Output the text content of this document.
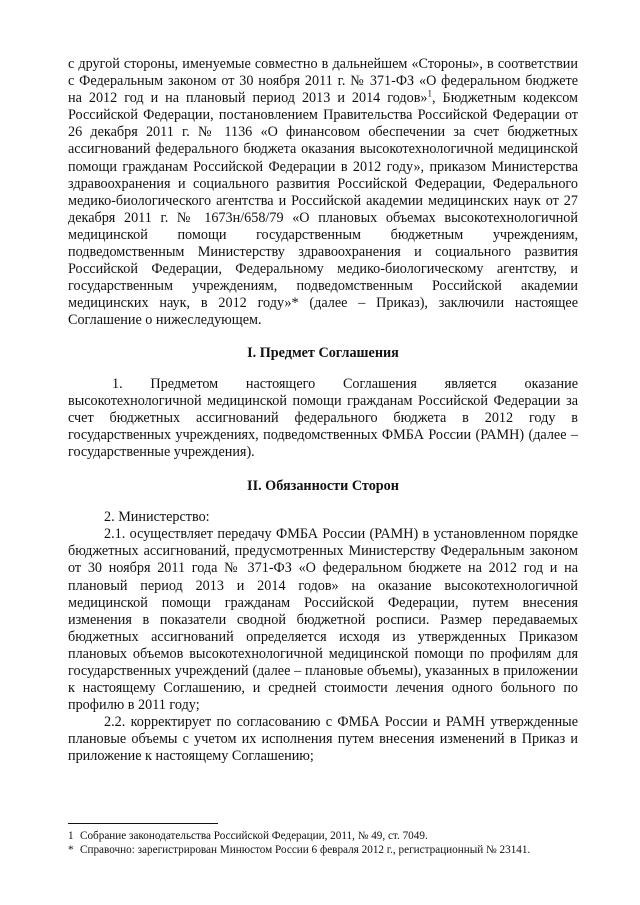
с другой стороны, именуемые совместно в дальнейшем «Стороны», в соответствии с Федеральным законом от 30 ноября 2011 г. № 371-ФЗ «О федеральном бюджете на 2012 год и на плановый период 2013 и 2014 годов»$^1$, Бюджетным кодексом Российской Федерации, постановлением Правительства Российской Федерации от 26 декабря 2011 г. № 1136 «О финансовом обеспечении за счет бюджетных ассигнований федерального бюджета оказания высокотехнологичной медицинской помощи гражданам Российской Федерации в 2012 году», приказом Министерства здравоохранения и социального развития Российской Федерации, Федерального медико-биологического агентства и Российской академии медицинских наук от 27 декабря 2011 г. № 1673н/658/79 «О плановых объемах высокотехнологичной медицинской помощи государственным бюджетным учреждениям, подведомственным Министерству здравоохранения и социального развития Российской Федерации, Федеральному медико-биологическому агентству, и государственным учреждениям, подведомственным Российской академии медицинских наук, в 2012 году»* (далее – Приказ), заключили настоящее Соглашение о нижеследующем.

I. Предмет Соглашения

1. Предметом настоящего Соглашения является оказание высокотехнологичной медицинской помощи гражданам Российской Федерации за счет бюджетных ассигнований федерального бюджета в 2012 году в государственных учреждениях, подведомственных ФМБА России (РАМН) (далее – государственные учреждения).

II. Обязанности Сторон

2. Министерство:

2.1. осуществляет передачу ФМБА России (РАМН) в установленном порядке бюджетных ассигнований, предусмотренных Министерству Федеральным законом от 30 ноября 2011 года № 371-ФЗ «О федеральном бюджете на 2012 год и на плановый период 2013 и 2014 годов» на оказание высокотехнологичной медицинской помощи гражданам Российской Федерации, путем внесения изменения в показатели сводной бюджетной росписи. Размер передаваемых бюджетных ассигнований определяется исходя из утвержденных Приказом плановых объемов высокотехнологичной медицинской помощи по профилям для государственных учреждений (далее – плановые объемы), указанных в приложении к настоящему Соглашению, и средней стоимости лечения одного больного по профилю в 2011 году;

2.2. корректирует по согласованию с ФМБА России и РАМН утвержденные плановые объемы с учетом их исполнения путем внесения изменений в Приказ и приложение к настоящему Соглашению;

1 Собрание законодательства Российской Федерации, 2011, № 49, ст. 7049.

* Справочно: зарегистрирован Минюстом России 6 февраля 2012 г., регистрационный № 23141.
